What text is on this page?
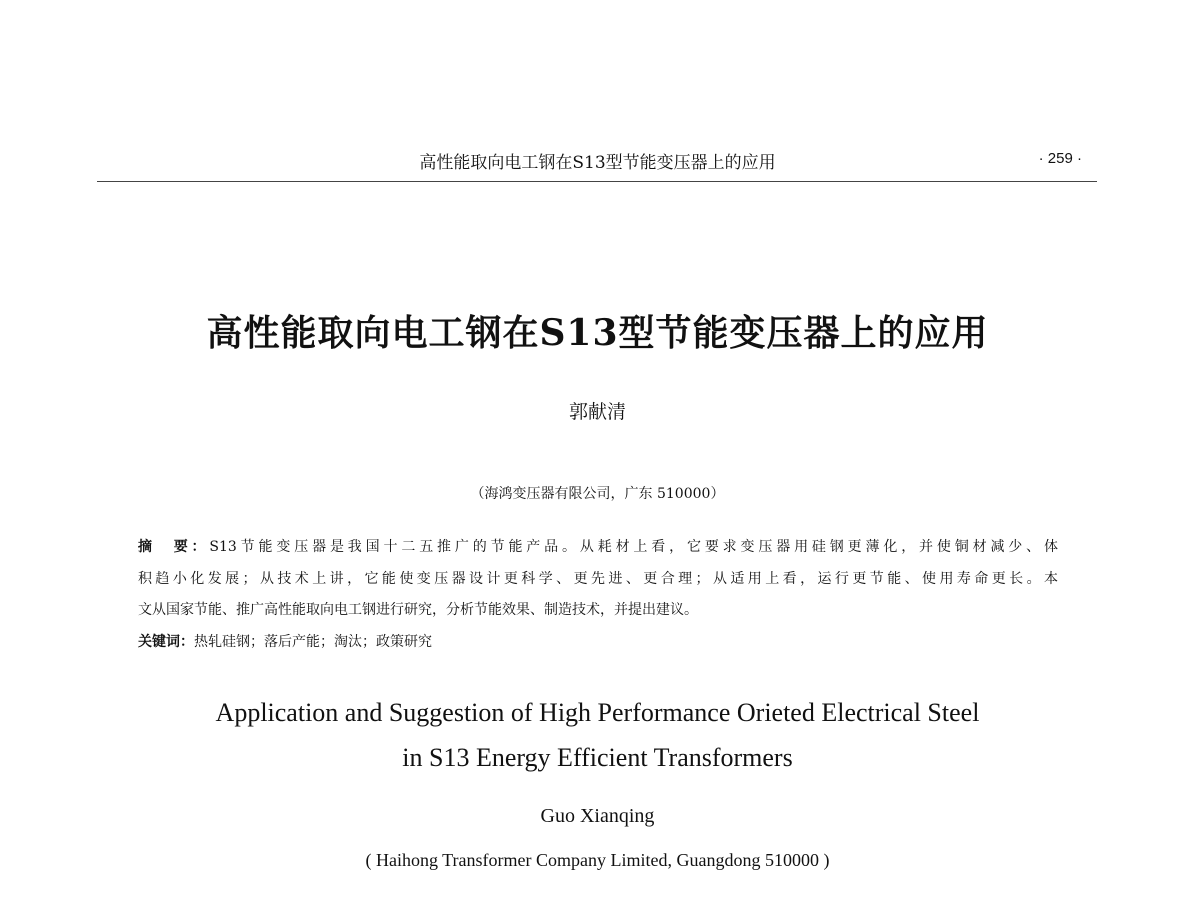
高性能取向电工钢在S13型节能变压器上的应用	· 259 ·
高性能取向电工钢在S13型节能变压器上的应用
郭献清
（海鸿变压器有限公司，广东 510000）
摘　要：S13节能变压器是我国十二五推广的节能产品。从耗材上看，它要求变压器用硅钢更薄化，并使铜材减少、体
积趋小化发展；从技术上讲，它能使变压器设计更科学、更先进、更合理；从适用上看，运行更节能、使用寿命更长。本
文从国家节能、推广高性能取向电工钢进行研究，分析节能效果、制造技术，并提出建议。
关键词：热轧硅钢；落后产能；淘汰；政策研究
Application and Suggestion of High Performance Orieted Electrical Steel
in S13 Energy Efficient Transformers
Guo Xianqing
( Haihong Transformer Company Limited, Guangdong 510000 )
